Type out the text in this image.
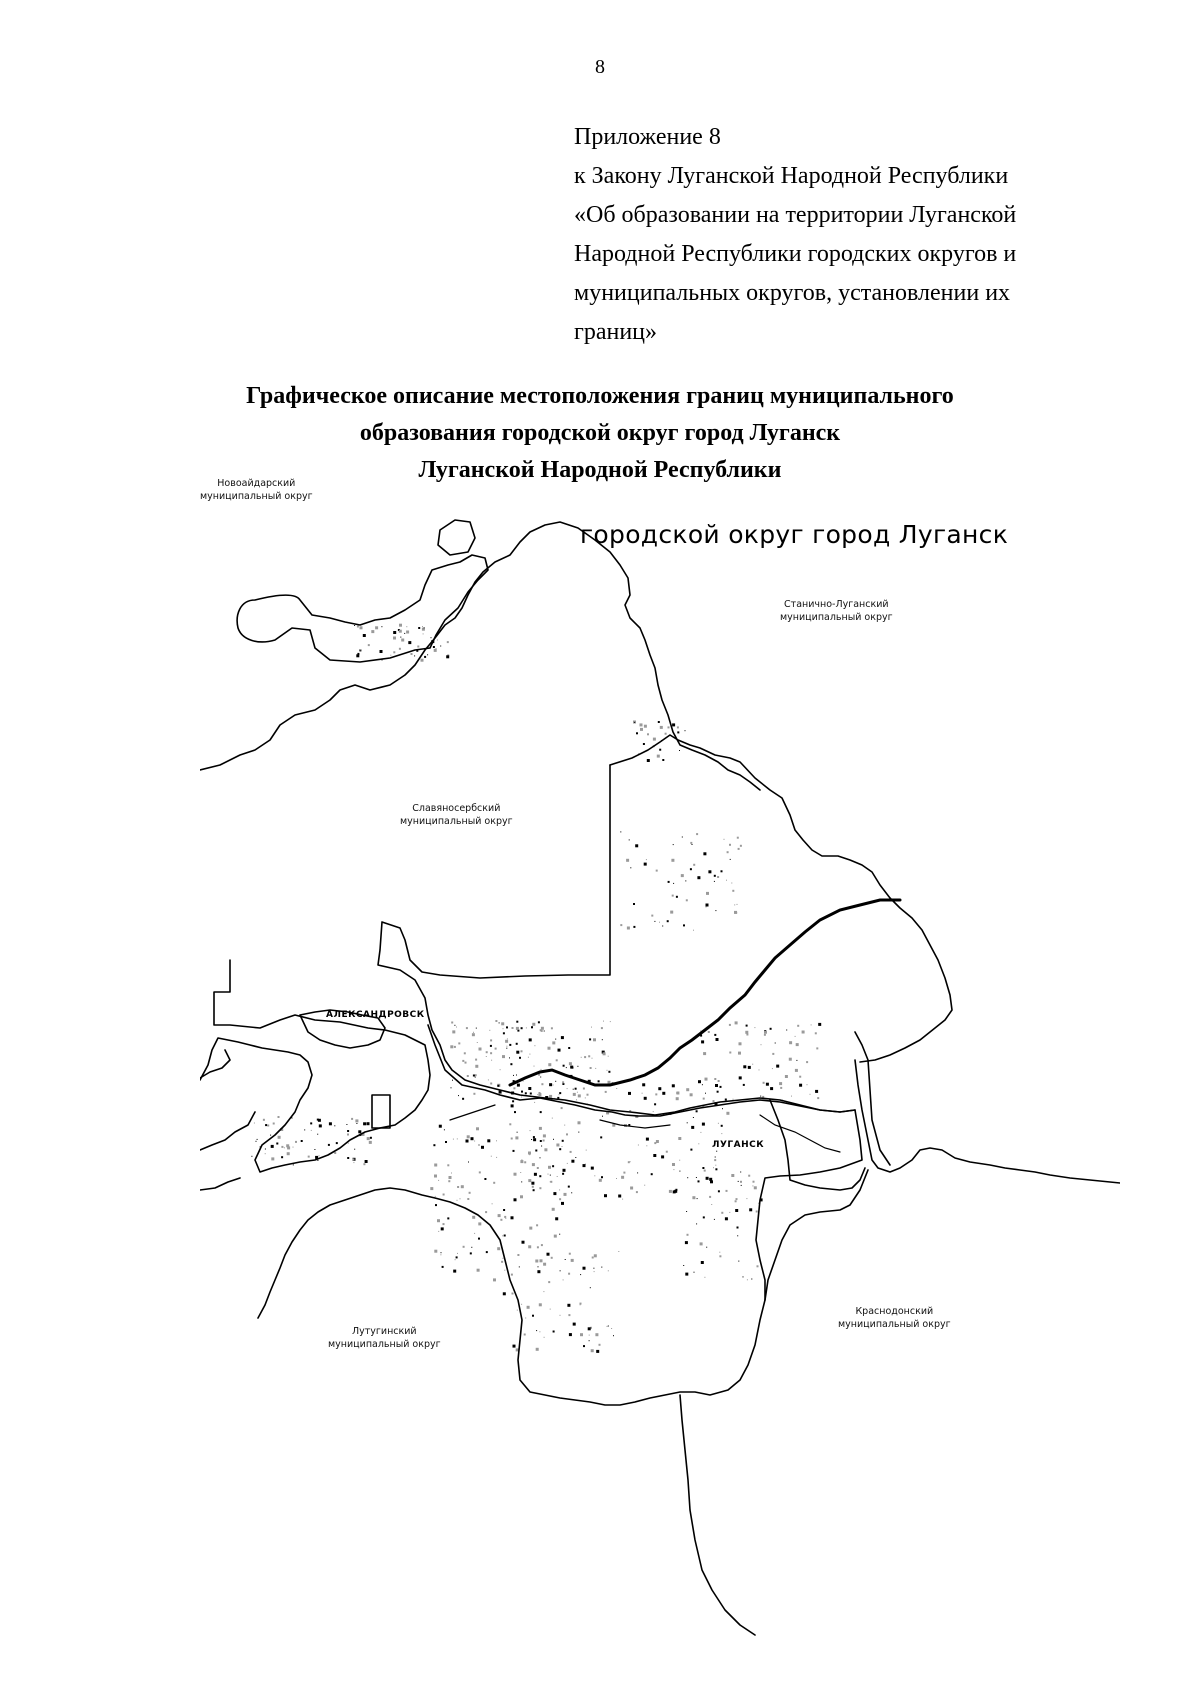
8
Приложение 8
к Закону Луганской Народной Республики
«Об образовании на территории Луганской
Народной Республики городских округов и
муниципальных округов, установлении их
границ»
Графическое описание местоположения границ муниципального
образования городской округ город Луганск
Луганской Народной Республики
городской округ город Луганск
Новоайдарский
муниципальный округ
Станично-Луганский
муниципальный округ
Славяносербский
муниципальный округ
Лутугинский
муниципальный округ
Краснодонский
муниципальный округ
АЛЕКСАНДРОВСК
ЛУГАНСК
